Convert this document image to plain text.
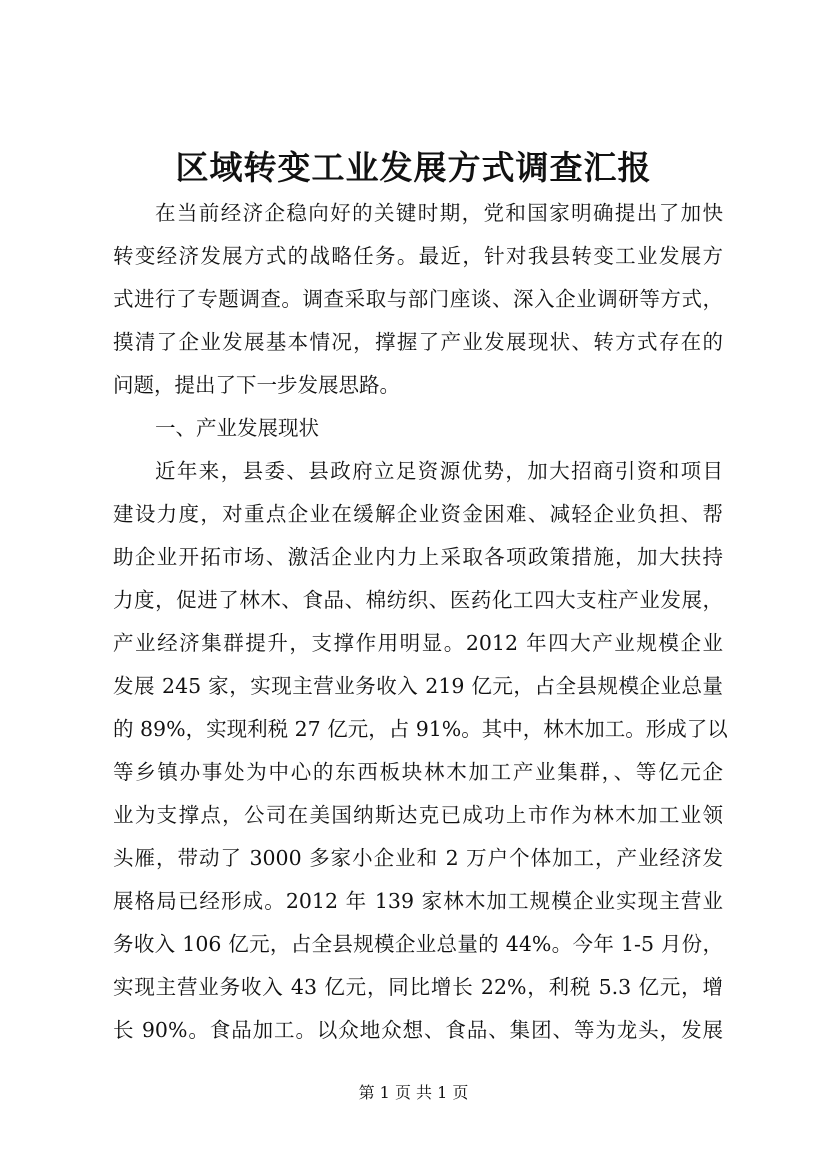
区域转变工业发展方式调查汇报
在当前经济企稳向好的关键时期，党和国家明确提出了加快
转变经济发展方式的战略任务。最近，针对我县转变工业发展方
式进行了专题调查。调查采取与部门座谈、深入企业调研等方式，
摸清了企业发展基本情况，撑握了产业发展现状、转方式存在的
问题，提出了下一步发展思路。
一、产业发展现状
近年来，县委、县政府立足资源优势，加大招商引资和项目
建设力度，对重点企业在缓解企业资金困难、减轻企业负担、帮
助企业开拓市场、激活企业内力上采取各项政策措施，加大扶持
力度，促进了林木、食品、棉纺织、医药化工四大支柱产业发展，
产业经济集群提升，支撑作用明显。2012 年四大产业规模企业
发展 245 家，实现主营业务收入 219 亿元，占全县规模企业总量
的 89%，实现利税 27 亿元，占 91%。其中，林木加工。形成了以
等乡镇办事处为中心的东西板块林木加工产业集群，、等亿元企
业为支撑点，公司在美国纳斯达克已成功上市作为林木加工业领
头雁，带动了 3000 多家小企业和 2 万户个体加工，产业经济发
展格局已经形成。2012 年 139 家林木加工规模企业实现主营业
务收入 106 亿元，占全县规模企业总量的 44%。今年 1-5 月份，
实现主营业务收入 43 亿元，同比增长 22%，利税 5.3 亿元，增
长 90%。食品加工。以众地众想、食品、集团、等为龙头，发展
第 1 页 共 1 页
